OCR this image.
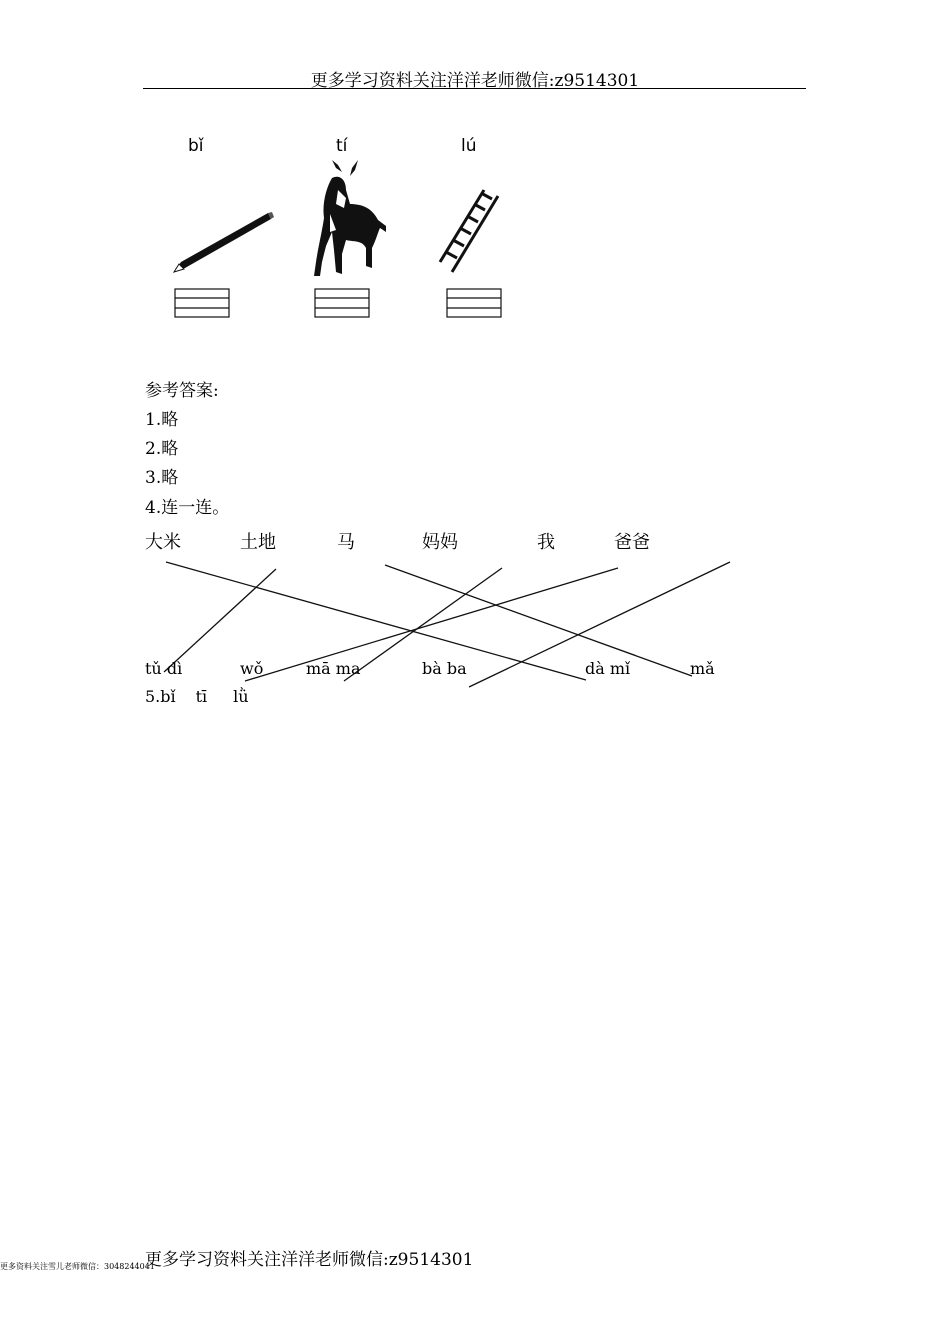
更多学习资料关注洋洋老师微信:z9514301
bǐ	tí	lú
参考答案:
1.略
2.略
3.略
4.连一连。
大米	土地	马	妈妈	我	爸爸
tǔ dì	wǒ	mā ma	bà ba	dà mǐ	mǎ
5.bǐ tī lǜ
更多学习资料关注洋洋老师微信:z9514301
更多资料关注雪儿老师微信：3048244041
